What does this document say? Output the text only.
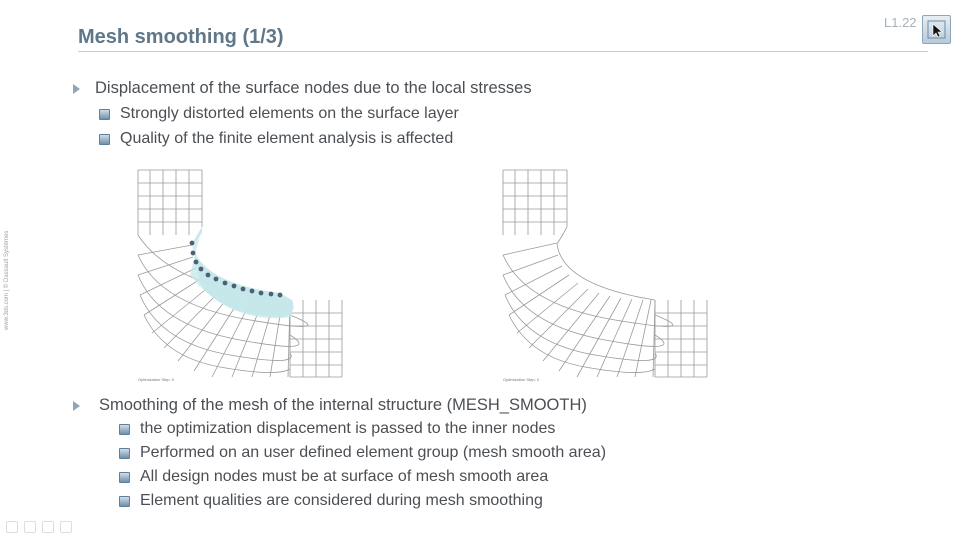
Mesh smoothing (1/3)
L1.22
www.3ds.com | © Dassault Systèmes
Displacement of the surface nodes due to the local stresses
Strongly distorted elements on the surface layer
Quality of the finite element analysis is affected
Optimization Step: 0	Optimization Step: 0
Smoothing of the mesh of the internal structure (MESH_SMOOTH)
the optimization displacement is passed to the inner nodes
Performed on an user defined element group (mesh smooth area)
All design nodes must be at surface of mesh smooth area
Element qualities are considered during mesh smoothing
